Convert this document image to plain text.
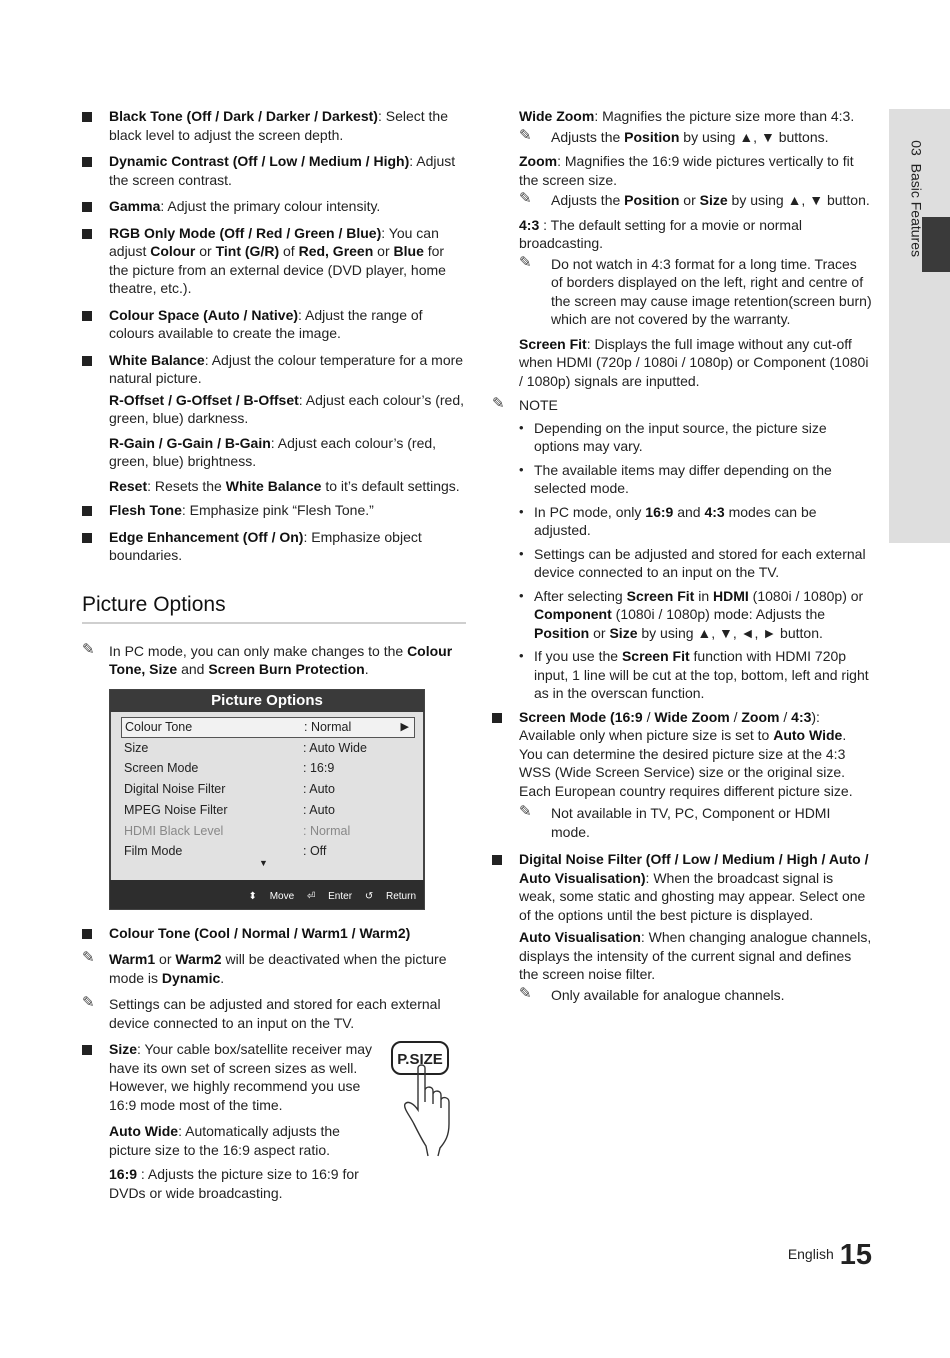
03  Basic Features
Black Tone (Off / Dark / Darker / Darkest): Select the black level to adjust the screen depth.
Dynamic Contrast (Off / Low / Medium / High): Adjust the screen contrast.
Gamma: Adjust the primary colour intensity.
RGB Only Mode (Off / Red / Green / Blue): You can adjust Colour or Tint (G/R) of Red, Green or Blue for the picture from an external device (DVD player, home theatre, etc.).
Colour Space (Auto / Native): Adjust the range of colours available to create the image.
White Balance: Adjust the colour temperature for a more natural picture.
R-Offset / G-Offset / B-Offset: Adjust each colour’s (red, green, blue) darkness.
R-Gain / G-Gain / B-Gain: Adjust each colour’s (red, green, blue) brightness.
Reset: Resets the White Balance to it’s default settings.
Flesh Tone: Emphasize pink “Flesh Tone.”
Edge Enhancement (Off / On): Emphasize object boundaries.
Picture Options
✎ In PC mode, you can only make changes to the Colour Tone, Size and Screen Burn Protection.
Picture Options
Colour Tone	: Normal	▶
Size	: Auto Wide
Screen Mode	: 16:9
Digital Noise Filter	: Auto
MPEG Noise Filter	: Auto
HDMI Black Level	: Normal
Film Mode	: Off
▼
⬍ Move ⏎ Enter ↺ Return
Colour Tone (Cool / Normal / Warm1 / Warm2)
✎ Warm1 or Warm2 will be deactivated when the picture mode is Dynamic.
✎ Settings can be adjusted and stored for each external device connected to an input on the TV.
P.SIZE
Size: Your cable box/satellite receiver may have its own set of screen sizes as well. However, we highly recommend you use 16:9 mode most of the time.
Auto Wide: Automatically adjusts the picture size to the 16:9 aspect ratio.
16:9 : Adjusts the picture size to 16:9 for DVDs or wide broadcasting.
Wide Zoom: Magnifies the picture size more than 4:3.
✎ Adjusts the Position by using ▲, ▼ buttons.
Zoom: Magnifies the 16:9 wide pictures vertically to fit the screen size.
✎ Adjusts the Position or Size by using ▲, ▼ button.
4:3 : The default setting for a movie or normal broadcasting.
✎ Do not watch in 4:3 format for a long time. Traces of borders displayed on the left, right and centre of the screen may cause image retention(screen burn) which are not covered by the warranty.
Screen Fit: Displays the full image without any cut-off when HDMI (720p / 1080i / 1080p) or Component (1080i / 1080p) signals are inputted.
✎ NOTE
• Depending on the input source, the picture size options may vary.
• The available items may differ depending on the selected mode.
• In PC mode, only 16:9 and 4:3 modes can be adjusted.
• Settings can be adjusted and stored for each external device connected to an input on the TV.
• After selecting Screen Fit in HDMI (1080i / 1080p) or Component (1080i / 1080p) mode: Adjusts the Position or Size by using ▲, ▼, ◄, ► button.
• If you use the Screen Fit function with HDMI 720p input, 1 line will be cut at the top, bottom, left and right as in the overscan function.
Screen Mode (16:9 / Wide Zoom / Zoom / 4:3): Available only when picture size is set to Auto Wide. You can determine the desired picture size at the 4:3 WSS (Wide Screen Service) size or the original size. Each European country requires different picture size.
✎ Not available in TV, PC, Component or HDMI mode.
Digital Noise Filter (Off / Low / Medium / High / Auto / Auto Visualisation): When the broadcast signal is weak, some static and ghosting may appear. Select one of the options until the best picture is displayed.
Auto Visualisation: When changing analogue channels, displays the intensity of the current signal and defines the screen noise filter.
✎ Only available for analogue channels.
English 15
